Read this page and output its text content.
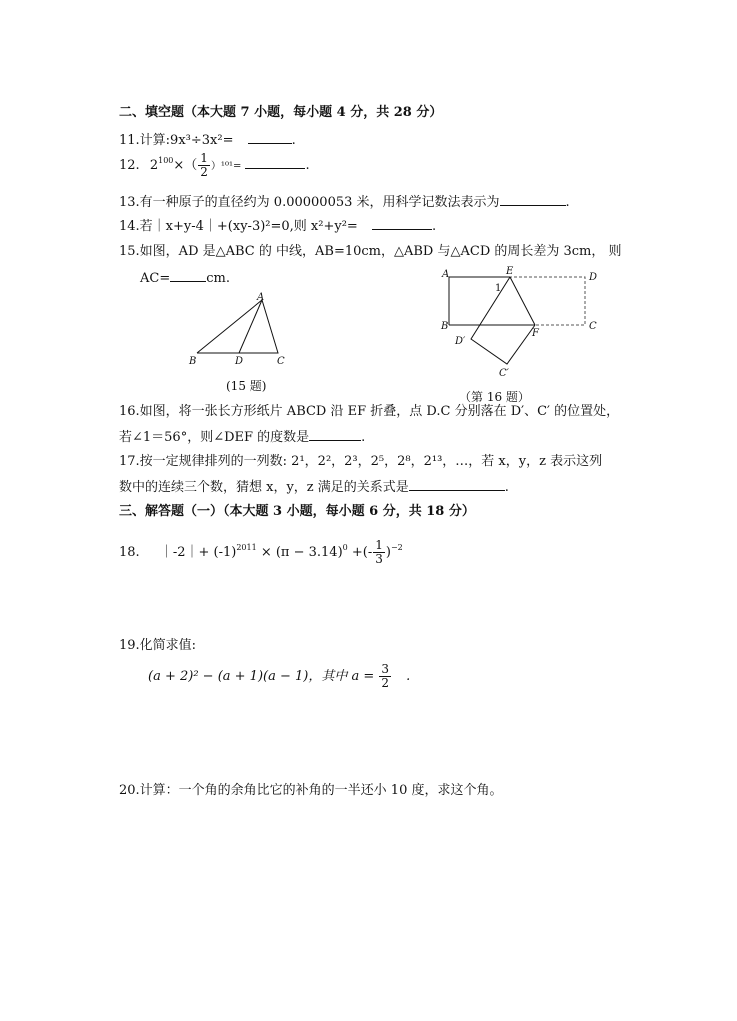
二、填空题（本大题 7 小题，每小题 4 分，共 28 分）
11.计算:9x³÷3x²=	.
12. $2^{100}\times( \frac{1}{2} )^{101}=$	.
13.有一种原子的直径约为 0.00000053 米，用科学记数法表示为	.
14.若｜x+y-4｜+(xy-3)²=0,则 x²+y²=	.
15.如图，AD 是△ABC 的 中线，AB=10cm，△ABD 与△ACD 的周长差为 3cm， 则
AC=	cm.
A
B	D	C
(15 题)
A	E
D
B
F
C
D′
C′
1
（第 16 题）
16.如图，将一张长方形纸片 ABCD 沿 EF 折叠，点 D.C 分别落在 D′、C′ 的位置处，
若∠1＝56°，则∠DEF 的度数是	.
17.按一定规律排列的一列数: 2¹，2²，2³，2⁵，2⁸，2¹³，…，若 x，y，z 表示这列
数中的连续三个数，猜想 x，y，z 满足的关系式是	.
三、解答题（一）（本大题 3 小题，每小题 6 分，共 18 分）
18. ｜-2｜+ $(-1)^{2011} \times (\pi - 3.14)^0$ +(- $\frac{1}{3} )^{-2}$
19.化简求值:
(a + 2)² − (a + 1)(a − 1)，其中 $a = \frac{3}{2}$ .
20.计算：一个角的余角比它的补角的一半还小 10 度，求这个角。
